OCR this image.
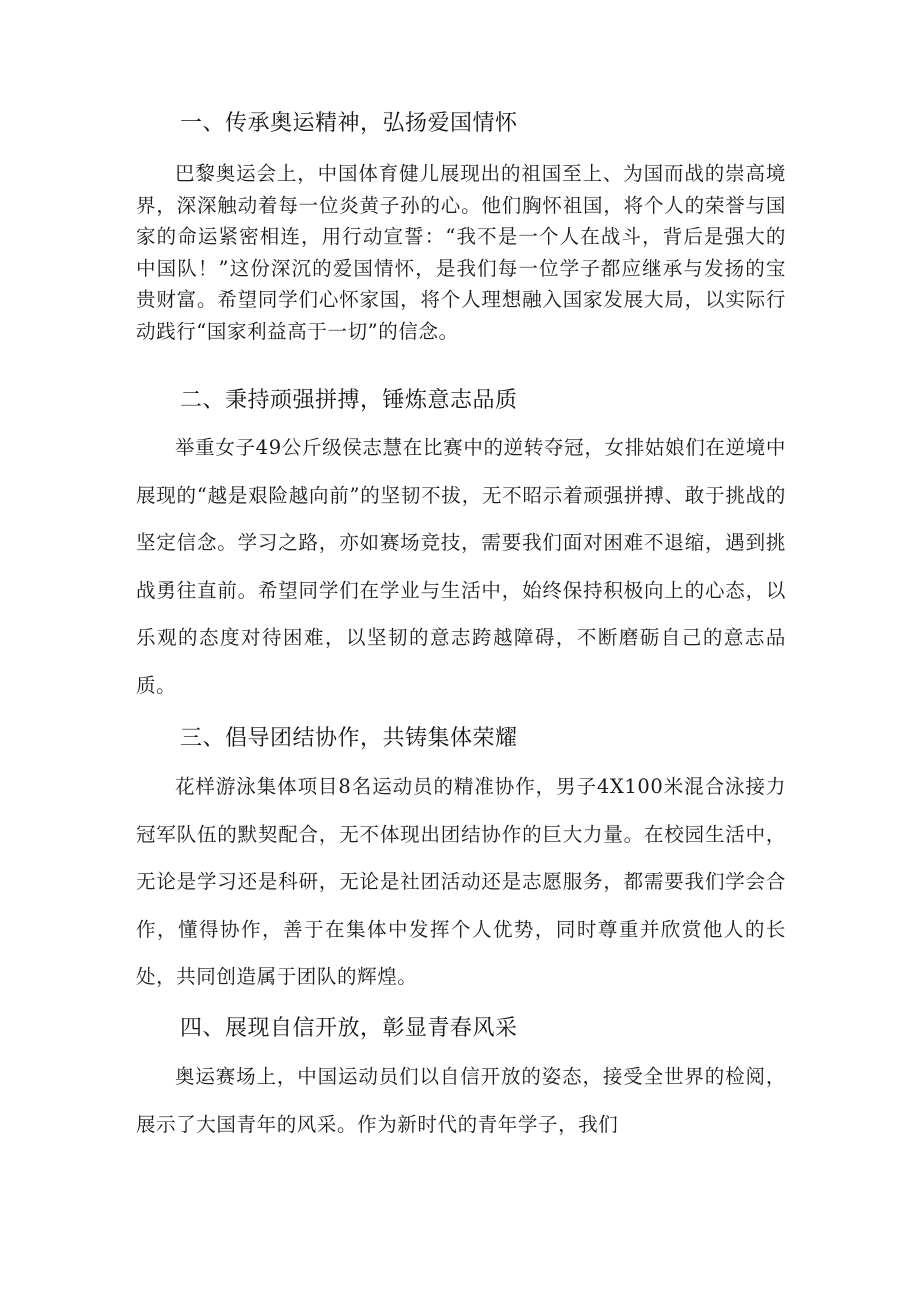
一、传承奥运精神，弘扬爱国情怀

巴黎奥运会上，中国体育健儿展现出的祖国至上、为国而战的崇高境界，深深触动着每一位炎黄子孙的心。他们胸怀祖国，将个人的荣誉与国家的命运紧密相连，用行动宣誓：“我不是一个人在战斗，背后是强大的中国队！”这份深沉的爱国情怀，是我们每一位学子都应继承与发扬的宝贵财富。希望同学们心怀家国，将个人理想融入国家发展大局，以实际行动践行“国家利益高于一切”的信念。

二、秉持顽强拼搏，锤炼意志品质

举重女子49公斤级侯志慧在比赛中的逆转夺冠，女排姑娘们在逆境中展现的“越是艰险越向前”的坚韧不拔，无不昭示着顽强拼搏、敢于挑战的坚定信念。学习之路，亦如赛场竞技，需要我们面对困难不退缩，遇到挑战勇往直前。希望同学们在学业与生活中，始终保持积极向上的心态，以乐观的态度对待困难，以坚韧的意志跨越障碍，不断磨砺自己的意志品质。

三、倡导团结协作，共铸集体荣耀

花样游泳集体项目8名运动员的精准协作，男子4X100米混合泳接力冠军队伍的默契配合，无不体现出团结协作的巨大力量。在校园生活中，无论是学习还是科研，无论是社团活动还是志愿服务，都需要我们学会合作，懂得协作，善于在集体中发挥个人优势，同时尊重并欣赏他人的长处，共同创造属于团队的辉煌。

四、展现自信开放，彰显青春风采

奥运赛场上，中国运动员们以自信开放的姿态，接受全世界的检阅，展示了大国青年的风采。作为新时代的青年学子，我们
